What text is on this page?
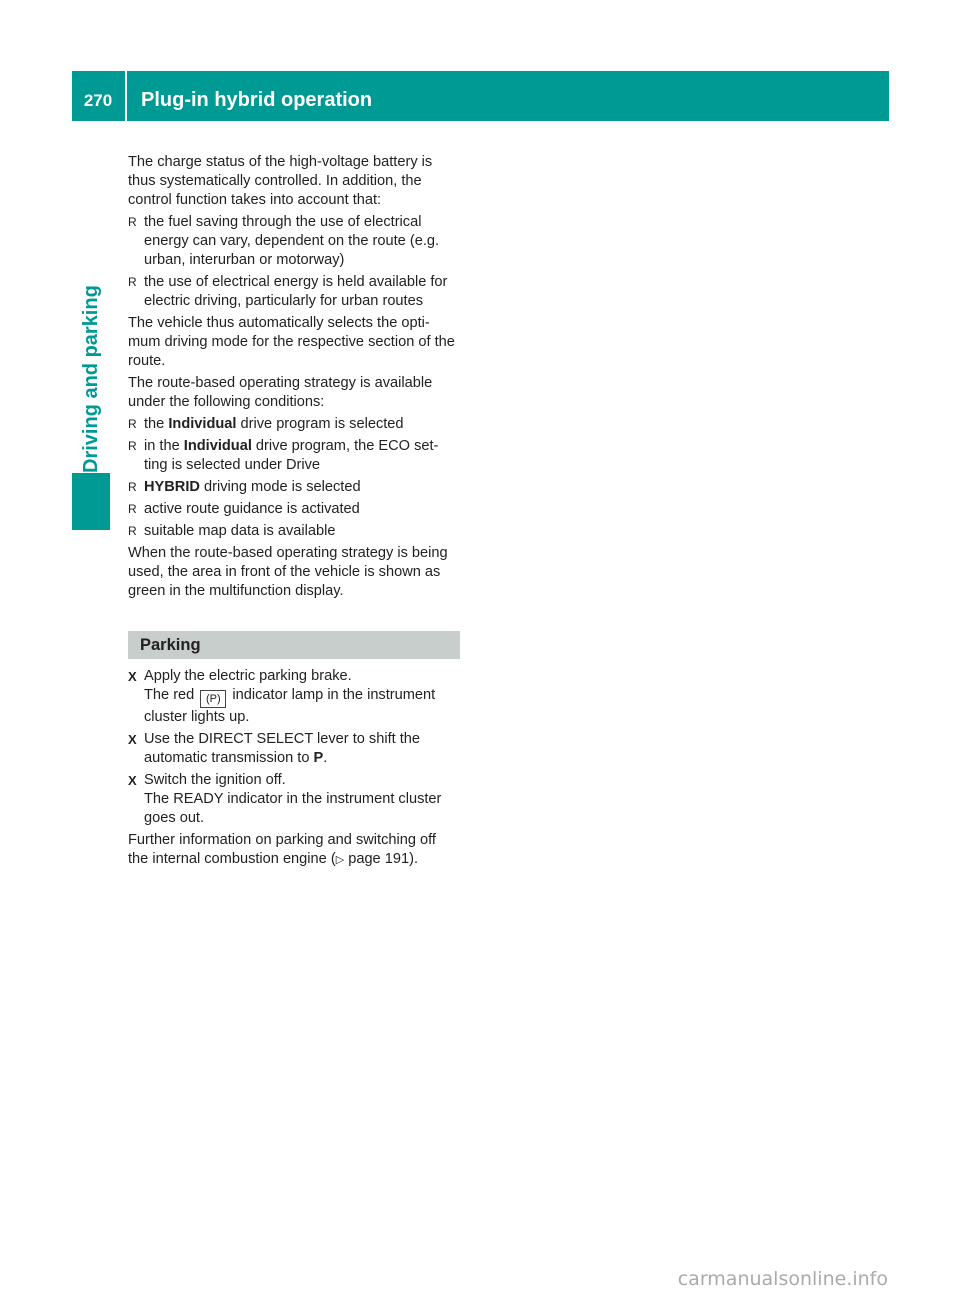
270	Plug-in hybrid operation
Driving and parking

The charge status of the high-voltage battery is thus systematically controlled. In addition, the control function takes into account that:

R the fuel saving through the use of electrical energy can vary, dependent on the route (e.g. urban, interurban or motorway)
R the use of electrical energy is held available for electric driving, particularly for urban routes

The vehicle thus automatically selects the opti- mum driving mode for the respective section of the route.

The route-based operating strategy is available under the following conditions:

R the Individual drive program is selected
R in the Individual drive program, the ECO set- ting is selected under Drive
R HYBRID driving mode is selected
R active route guidance is activated
R suitable map data is available

When the route-based operating strategy is being used, the area in front of the vehicle is shown as green in the multifunction display.

Parking
X Apply the electric parking brake.
The red (P) indicator lamp in the instrument cluster lights up.
X Use the DIRECT SELECT lever to shift the automatic transmission to P.
X Switch the ignition off.
The READY indicator in the instrument cluster goes out.

Further information on parking and switching off the internal combustion engine (▷ page 191).

carmanualsonline.info
